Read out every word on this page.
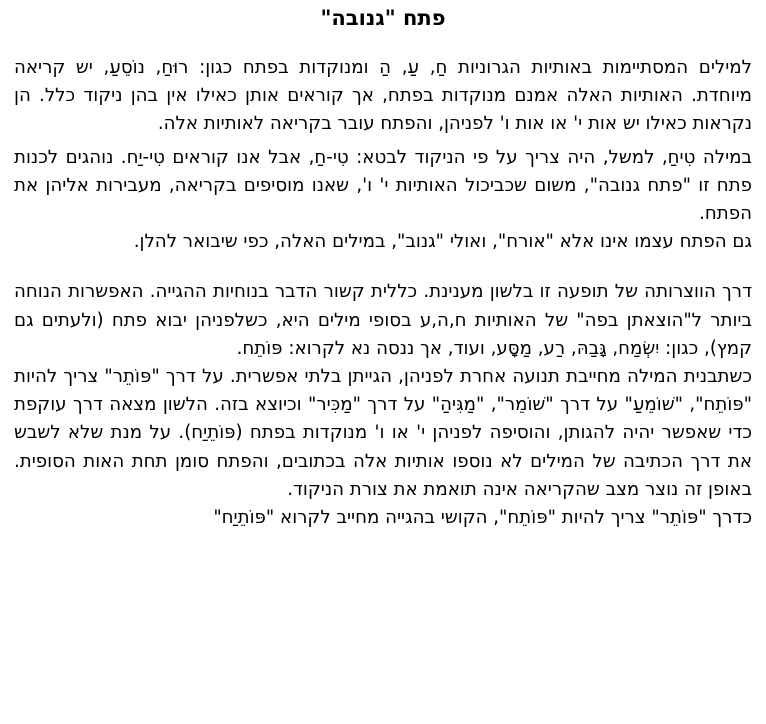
פתח "גנובה"

למילים המסתיימות באותיות הגרוניות חַ, עַ, הַ ומנוקדות בפתח כגון: רוּחַ, נוֹסֵעַ, יש קריאה מיוחדת. האותיות האלה אמנם מנוקדות בפתח, אך קוראים אותן כאילו אין בהן ניקוד כלל. הן נקראות כאילו יש אות י' או אות ו' לפניהן, והפתח עובר בקריאה לאותיות אלה.

במילה טִיחַ, למשל, היה צריך על פי הניקוד לבטא: טִי-חַ, אבל אנו קוראים טִי-יַח. נוהגים לכנות פתח זו "פתח גנובה", משום שכביכול האותיות י' ו', שאנו מוסיפים בקריאה, מעבירות אליהן את הפתח.

גם הפתח עצמו אינו אלא "אורח", ואולי "גנוב", במילים האלה, כפי שיבואר להלן.

דרך הווצרותה של תופעה זו בלשון מענינת. כללית קשור הדבר בנוחיות ההגייה. האפשרות הנוחה ביותר ל"הוצאתן בפה" של האותיות ח,ה,ע בסופי מילים היא, כשלפניהן יבוא פתח (ולעתים גם קמץ), כגון: יִשְׂמַח, גָּבַהּ, רַע, מַסָּע, ועוד, אך ננסה נא לקרוא: פּוֹתֵח.

כשתבנית המילה מחייבת תנועה אחרת לפניהן, הגייתן בלתי אפשרית. על דרך "פּוֹתֵר" צריך להיות "פּוֹתֵח", "שׁוֹמֵעַ" על דרך "שׁוֹמֵר", "מַגִּיהַ" על דרך "מַכִּיר" וכיוצא בזה. הלשון מצאה דרך עוקפת כדי שאפשר יהיה להגותן, והוסיפה לפניהן י' או ו' מנוקדות בפתח (פּוֹתֵיַח). על מנת שלא לשבש את דרך הכתיבה של המילים לא נוספו אותיות אלה בכתובים, והפתח סומן תחת האות הסופית. באופן זה נוצר מצב שהקריאה אינה תואמת את צורת הניקוד.

כדרך "פּוֹתֵר" צריך להיות "פּוֹתֵח", הקושי בהגייה מחייב לקרוא "פּוֹתֵיַח"
